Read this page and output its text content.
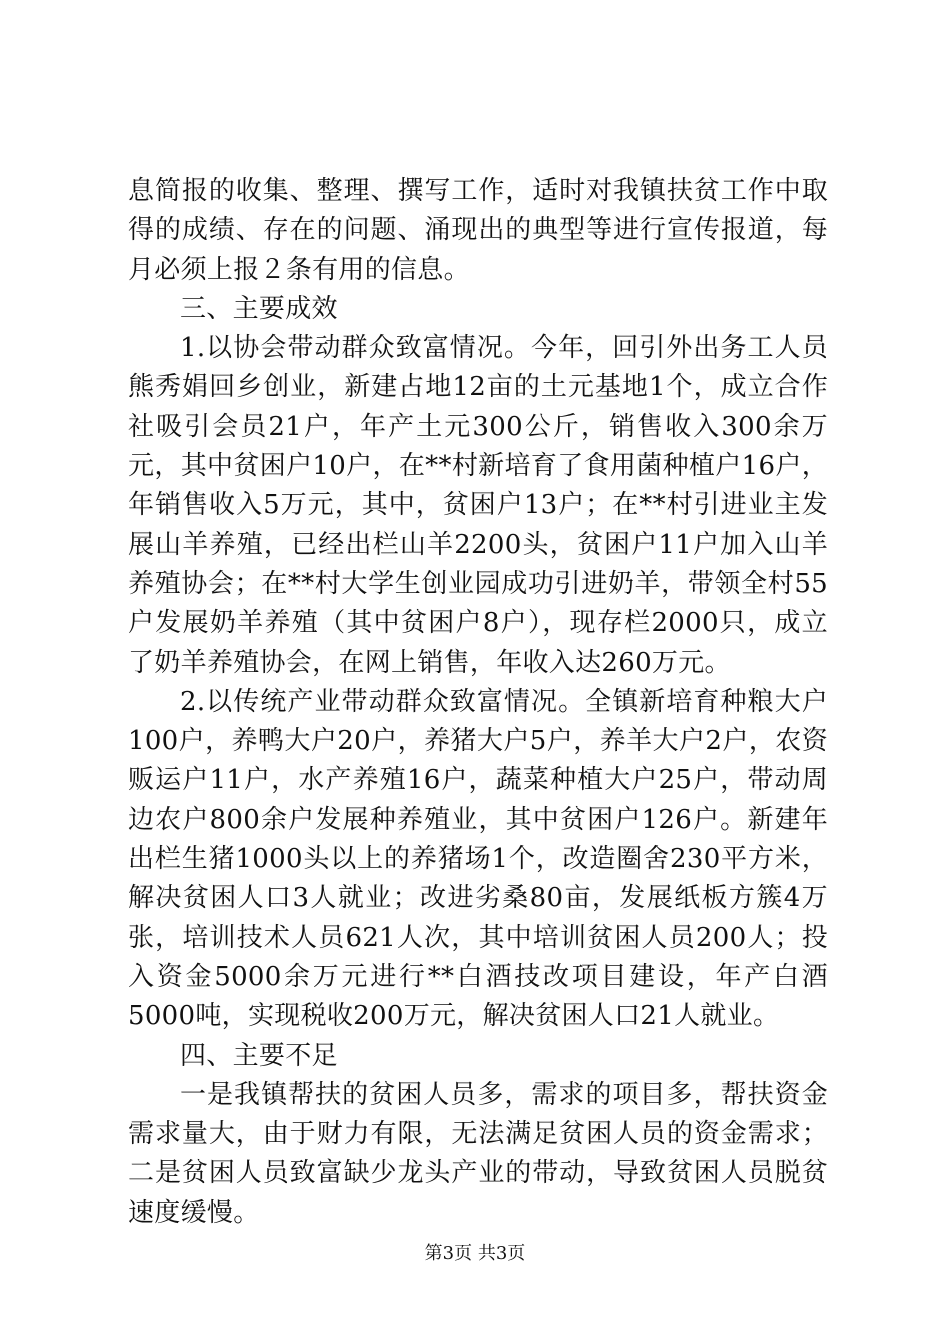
息简报的收集、整理、撰写工作，适时对我镇扶贫工作中取得的成绩、存在的问题、涌现出的典型等进行宣传报道，每月必须上报２条有用的信息。

三、主要成效

1.以协会带动群众致富情况。今年，回引外出务工人员熊秀娟回乡创业，新建占地12亩的土元基地1个，成立合作社吸引会员21户，年产土元300公斤，销售收入300余万元，其中贫困户10户，在**村新培育了食用菌种植户16户，年销售收入5万元，其中，贫困户13户；在**村引进业主发展山羊养殖，已经出栏山羊2200头，贫困户11户加入山羊养殖协会；在**村大学生创业园成功引进奶羊，带领全村55户发展奶羊养殖（其中贫困户8户），现存栏2000只，成立了奶羊养殖协会，在网上销售，年收入达260万元。

2.以传统产业带动群众致富情况。全镇新培育种粮大户100户，养鸭大户20户，养猪大户5户，养羊大户2户，农资贩运户11户，水产养殖16户，蔬菜种植大户25户，带动周边农户800余户发展种养殖业，其中贫困户126户。新建年出栏生猪1000头以上的养猪场1个，改造圈舍230平方米，解决贫困人口3人就业；改进劣桑80亩，发展纸板方簇4万张，培训技术人员621人次，其中培训贫困人员200人；投入资金5000余万元进行**白酒技改项目建设，年产白酒5000吨，实现税收200万元，解决贫困人口21人就业。

四、主要不足

一是我镇帮扶的贫困人员多，需求的项目多，帮扶资金需求量大，由于财力有限，无法满足贫困人员的资金需求；二是贫困人员致富缺少龙头产业的带动，导致贫困人员脱贫速度缓慢。

第3页 共3页
